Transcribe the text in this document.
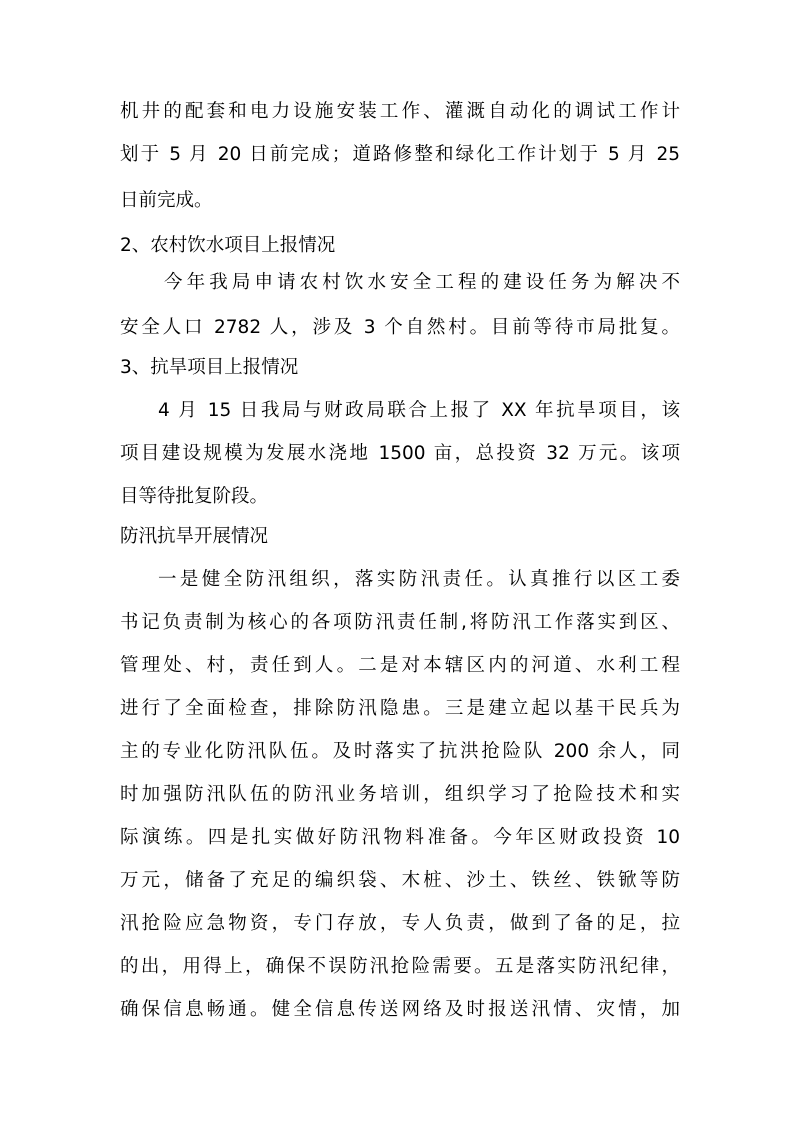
机井的配套和电力设施安装工作、灌溉自动化的调试工作计
划于 5 月 20 日前完成；道路修整和绿化工作计划于 5 月 25
日前完成。
2、农村饮水项目上报情况
今年我局申请农村饮水安全工程的建设任务为解决不
安全人口 2782 人，涉及 3 个自然村。目前等待市局批复。
3、抗旱项目上报情况
4 月 15 日我局与财政局联合上报了 XX 年抗旱项目，该
项目建设规模为发展水浇地 1500 亩，总投资 32 万元。该项
目等待批复阶段。
防汛抗旱开展情况
一是健全防汛组织，落实防汛责任。认真推行以区工委
书记负责制为核心的各项防汛责任制,将防汛工作落实到区、
管理处、村，责任到人。二是对本辖区内的河道、水利工程
进行了全面检查，排除防汛隐患。三是建立起以基干民兵为
主的专业化防汛队伍。及时落实了抗洪抢险队 200 余人，同
时加强防汛队伍的防汛业务培训，组织学习了抢险技术和实
际演练。四是扎实做好防汛物料准备。今年区财政投资 10
万元，储备了充足的编织袋、木桩、沙土、铁丝、铁锨等防
汛抢险应急物资，专门存放，专人负责，做到了备的足，拉
的出，用得上，确保不误防汛抢险需要。五是落实防汛纪律，
确保信息畅通。健全信息传送网络及时报送汛情、灾情，加
